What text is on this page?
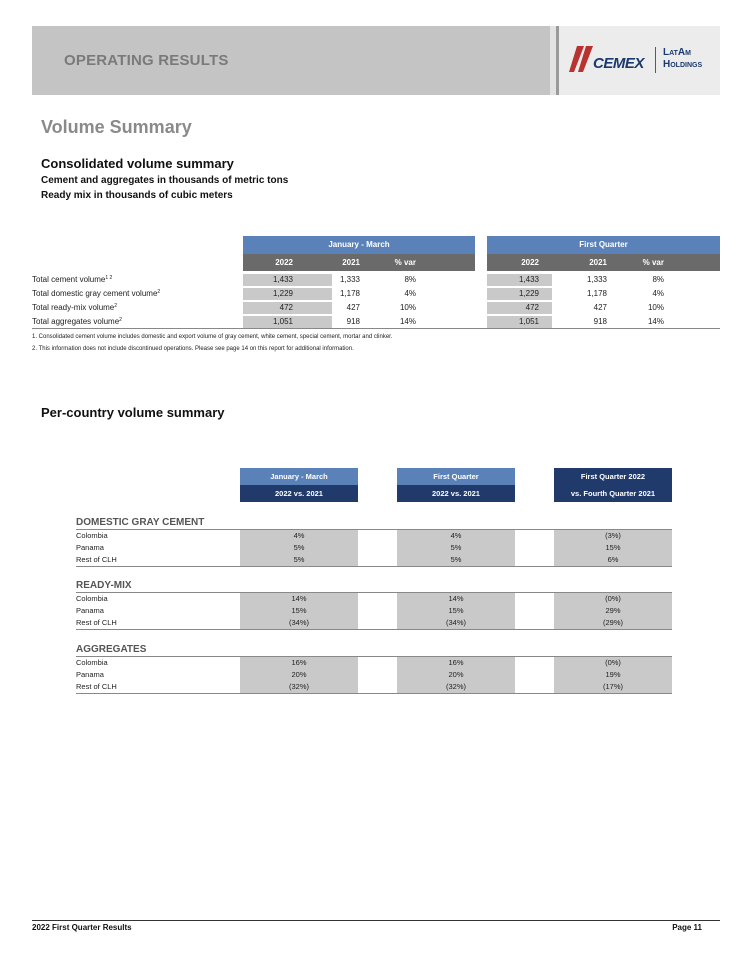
OPERATING RESULTS	CEMEX
LatAm
Holdings
Volume Summary
Consolidated volume summary
Cement and aggregates in thousands of metric tons
Ready mix in thousands of cubic meters
January - March	First Quarter
2022	2021	% var	2022	2021	% var
Total cement volume$^{1 2}$	1,433	1,333	8%	1,433	1,333	8%
Total domestic gray cement volume$^2$	1,229	1,178	4%	1,229	1,178	4%
Total ready-mix volume$^2$	472	427	10%	472	427	10%
Total aggregates volume$^2$	1,051	918	14%	1,051	918	14%
1. Consolidated cement volume includes domestic and export volume of gray cement, white cement, special cement, mortar and clinker.
2. This information does not include discontinued operations. Please see page 14 on this report for additional information.
Per-country volume summary
January - March
2022 vs. 2021
First Quarter
2022 vs. 2021
First Quarter 2022
vs. Fourth Quarter 2021
DOMESTIC GRAY CEMENT
Colombia	4%	4%	(3%)
Panama	5%	5%	15%
Rest of CLH	5%	5%	6%
READY-MIX
Colombia	14%	14%	(0%)
Panama	15%	15%	29%
Rest of CLH	(34%)	(34%)	(29%)
AGGREGATES
Colombia	16%	16%	(0%)
Panama	20%	20%	19%
Rest of CLH	(32%)	(32%)	(17%)
2022 First Quarter Results	Page 11
